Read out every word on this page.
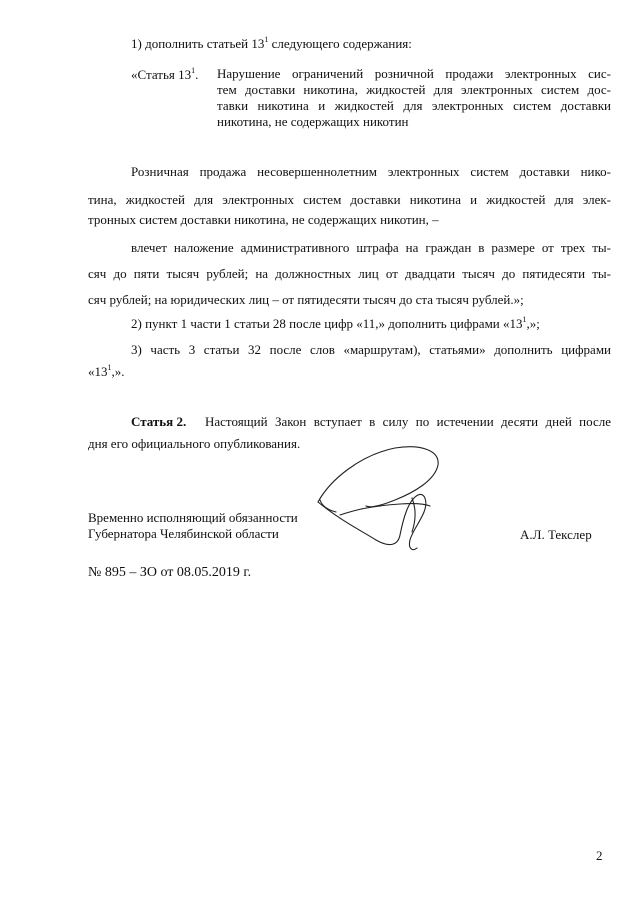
1) дополнить статьей $13^1$ следующего содержания:
«Статья $13^1$. Нарушение ограничений розничной продажи электронных сис-
тем доставки никотина, жидкостей для электронных систем дос-
тавки никотина и жидкостей для электронных систем доставки
никотина, не содержащих никотин
Розничная продажа несовершеннолетним электронных систем доставки нико-
тина, жидкостей для электронных систем доставки никотина и жидкостей для элек-
тронных систем доставки никотина, не содержащих никотин, –
влечет наложение административного штрафа на граждан в размере от трех ты-
сяч до пяти тысяч рублей; на должностных лиц от двадцати тысяч до пятидесяти ты-
сяч рублей; на юридических лиц – от пятидесяти тысяч до ста тысяч рублей.»;
2) пункт 1 части 1 статьи 28 после цифр «11,» дополнить цифрами «$13^1$,»;
3) часть 3 статьи 32 после слов «маршрутам), статьями» дополнить цифрами
«$13^1$,».
Статья 2. Настоящий Закон вступает в силу по истечении десяти дней после
дня его официального опубликования.
Временно исполняющий обязанности
Губернатора Челябинской области	А.Л. Текслер
№ 895 – ЗО от 08.05.2019 г.
2
